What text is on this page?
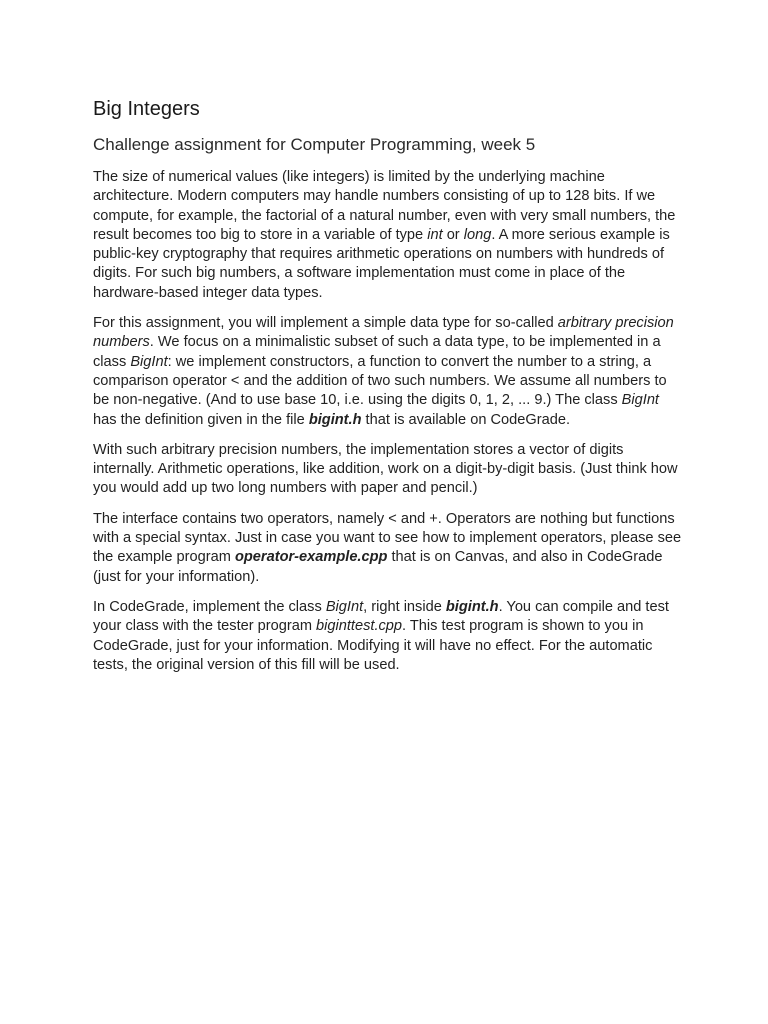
Big Integers
Challenge assignment for Computer Programming, week 5

The size of numerical values (like integers) is limited by the underlying machine architecture. Modern computers may handle numbers consisting of up to 128 bits. If we compute, for example, the factorial of a natural number, even with very small numbers, the result becomes too big to store in a variable of type int or long. A more serious example is public-key cryptography that requires arithmetic operations on numbers with hundreds of digits. For such big numbers, a software implementation must come in place of the hardware-based integer data types.

For this assignment, you will implement a simple data type for so-called arbitrary precision numbers. We focus on a minimalistic subset of such a data type, to be implemented in a class BigInt: we implement constructors, a function to convert the number to a string, a comparison operator < and the addition of two such numbers. We assume all numbers to be non-negative. (And to use base 10, i.e. using the digits 0, 1, 2, ... 9.) The class BigInt has the definition given in the file bigint.h that is available on CodeGrade.

With such arbitrary precision numbers, the implementation stores a vector of digits internally. Arithmetic operations, like addition, work on a digit-by-digit basis. (Just think how you would add up two long numbers with paper and pencil.)

The interface contains two operators, namely < and +. Operators are nothing but functions with a special syntax. Just in case you want to see how to implement operators, please see the example program operator-example.cpp that is on Canvas, and also in CodeGrade (just for your information).

In CodeGrade, implement the class BigInt, right inside bigint.h. You can compile and test your class with the tester program biginttest.cpp. This test program is shown to you in CodeGrade, just for your information. Modifying it will have no effect. For the automatic tests, the original version of this fill will be used.
